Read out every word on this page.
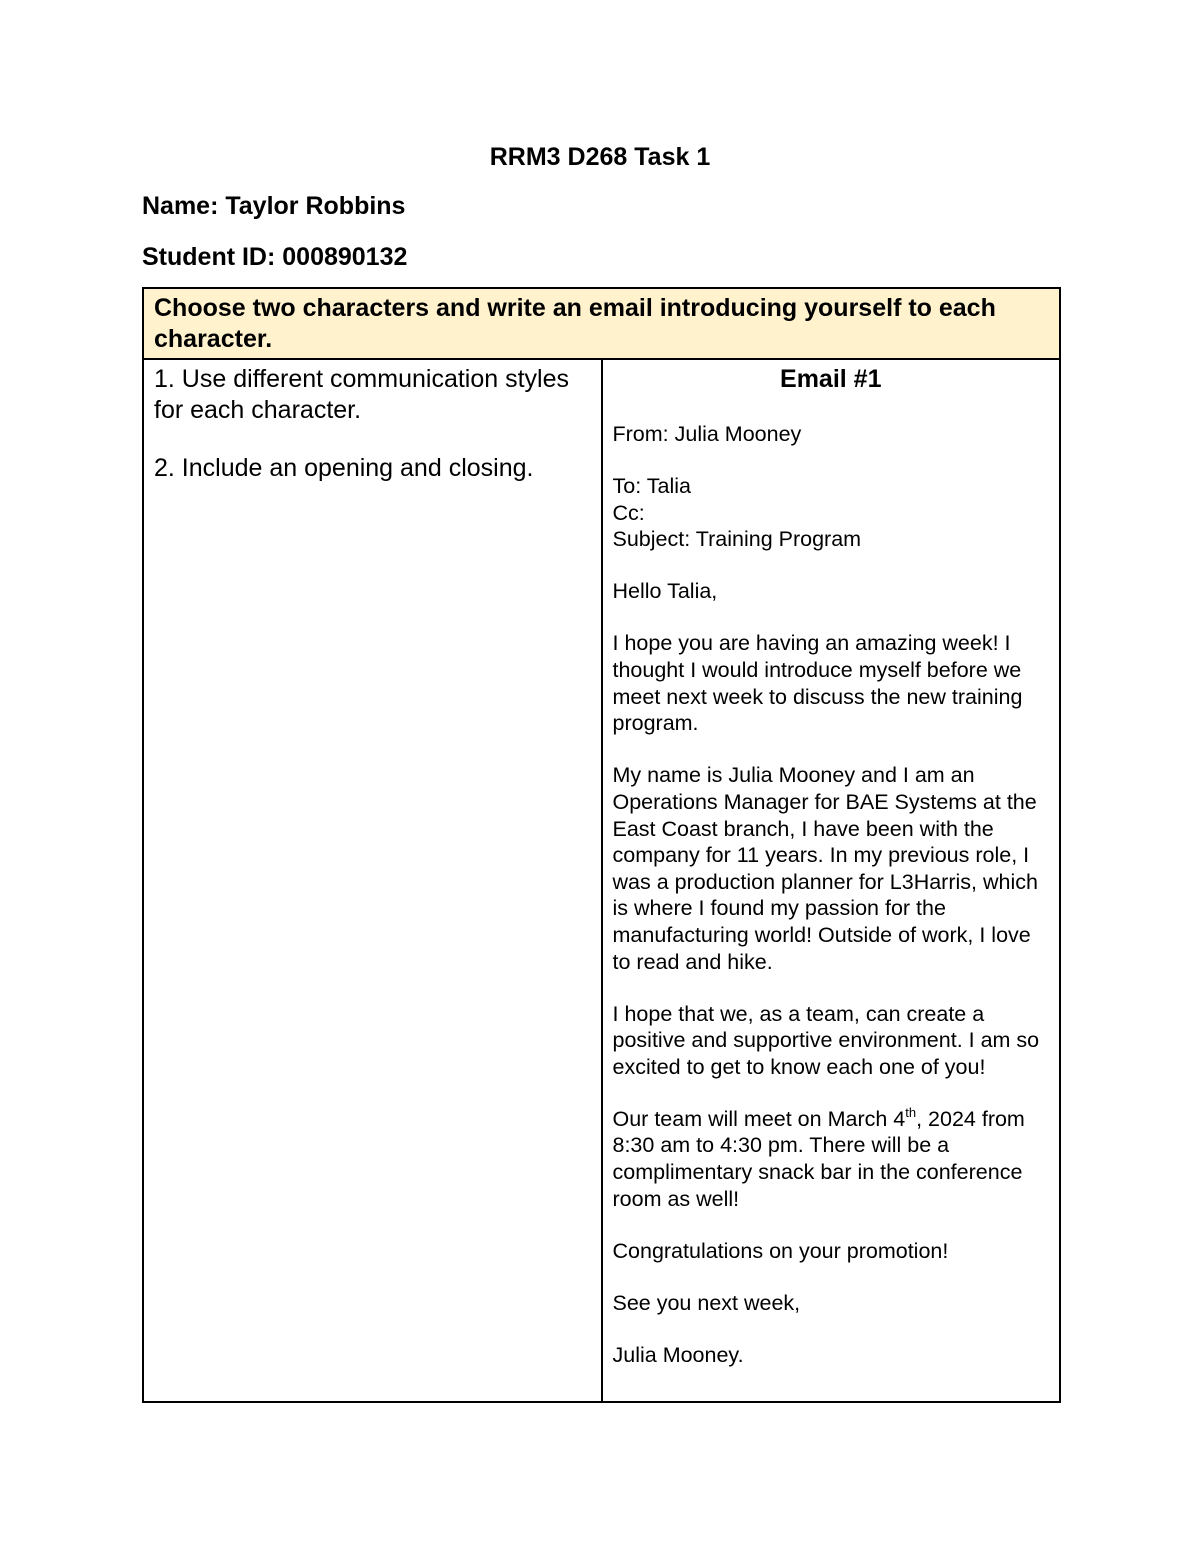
RRM3 D268 Task 1

Name: Taylor Robbins

Student ID: 000890132

Choose two characters and write an email introducing yourself to each character.

1. Use different communication styles for each character.

2. Include an opening and closing.

Email #1

From: Julia Mooney

To: Talia

Cc:

Subject: Training Program

Hello Talia,

I hope you are having an amazing week! I thought I would introduce myself before we meet next week to discuss the new training program.

My name is Julia Mooney and I am an Operations Manager for BAE Systems at the East Coast branch, I have been with the company for 11 years. In my previous role, I was a production planner for L3Harris, which is where I found my passion for the manufacturing world! Outside of work, I love to read and hike.

I hope that we, as a team, can create a positive and supportive environment. I am so excited to get to know each one of you!

Our team will meet on March 4th, 2024 from 8:30 am to 4:30 pm. There will be a complimentary snack bar in the conference room as well!

Congratulations on your promotion!

See you next week,

Julia Mooney.
